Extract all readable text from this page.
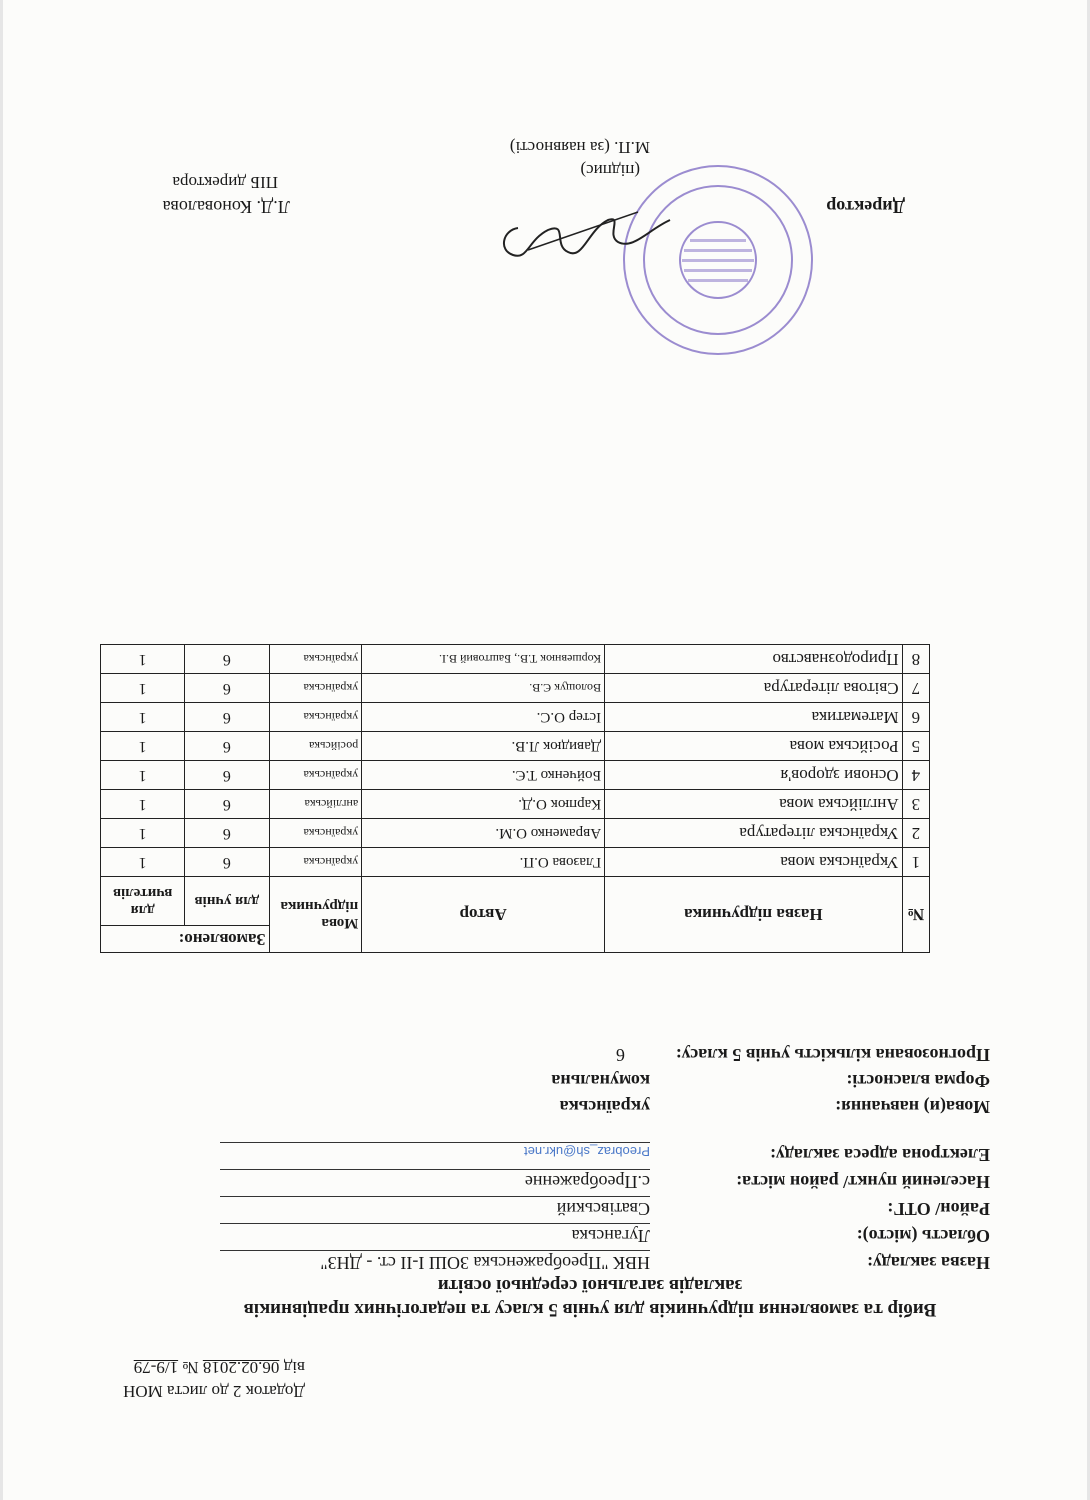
Додаток 2 до листа МОН
від 06.02.2018 № 1/9-79
Вибір та замовлення підручників для учнів 5 класу та педагогічних працівників
закладів загальної середньої освіти
Назва закладу:
НВК "Преображенська ЗОШ І-ІІ ст. - ДНЗ"
Область (місто):
Луганська
Район/ ОТГ:
Сватівський
Населений пункт/ район міста:
с.Преображенне
Електрона адреса закладу:
Preobraz_sh@ukr.net
Мова(и) навчання:
українська
Форма власності:
комунальна
Прогнозована кількість учнів 5 класу:
6
№	Назва підручника	Автор	Мова підручника	Замовлено:	
				для учнів	для вчителів
1	Українська мова	Глазова О.П.	українська	6	1
2	Українська література	Авраменко О.М.	українська	6	1
3	Англійська мова	Карпюк О.Д.	англійська	6	1
4	Основи здоров'я	Бойченко Т.Є.	українська	6	1
5	Російська мова	Давидюк Л.В.	російська	6	1
6	Математика	Істер О.С.	українська	6	1
7	Світова література	Волощук Є.В.	українська	6	1
8	Природознавство	Коршевнюк Т.В., Баштовий В.І.	українська	6	1
Директор
(підпис)
М.П. (за наявності)
Л.Д. Коновалова
ПІБ директора
